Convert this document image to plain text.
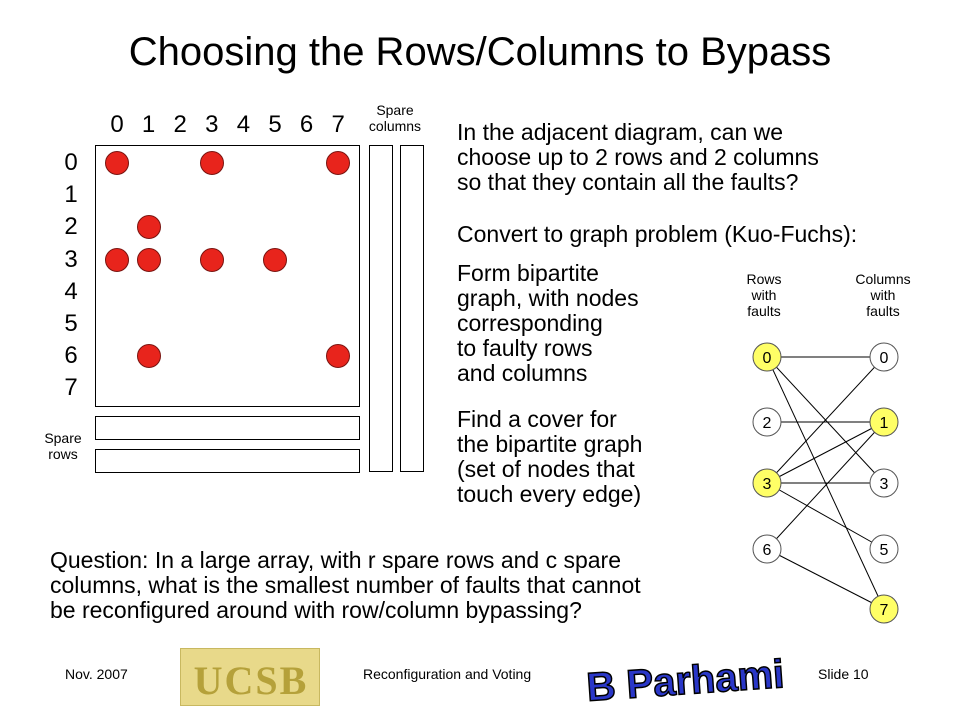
Choosing the Rows/Columns to Bypass
0 1 2 3 4 5 6 7
0
1
2
3
4
5
6
7
Spare
columns
Spare
rows
In the adjacent diagram, can we
choose up to 2 rows and 2 columns
so that they contain all the faults?
Convert to graph problem (Kuo-Fuchs):
Form bipartite
graph, with nodes
corresponding
to faulty rows
and columns
Find a cover for
the bipartite graph
(set of nodes that
touch every edge)
Rows
with
faults
Columns
with
faults
0
2
3
6
0
1
3
5
7
Question: In a large array, with r spare rows and c spare
columns, what is the smallest number of faults that cannot
be reconfigured around with row/column bypassing?
Nov. 2007	UCSB	Reconfiguration and Voting B Parhami Slide 10
